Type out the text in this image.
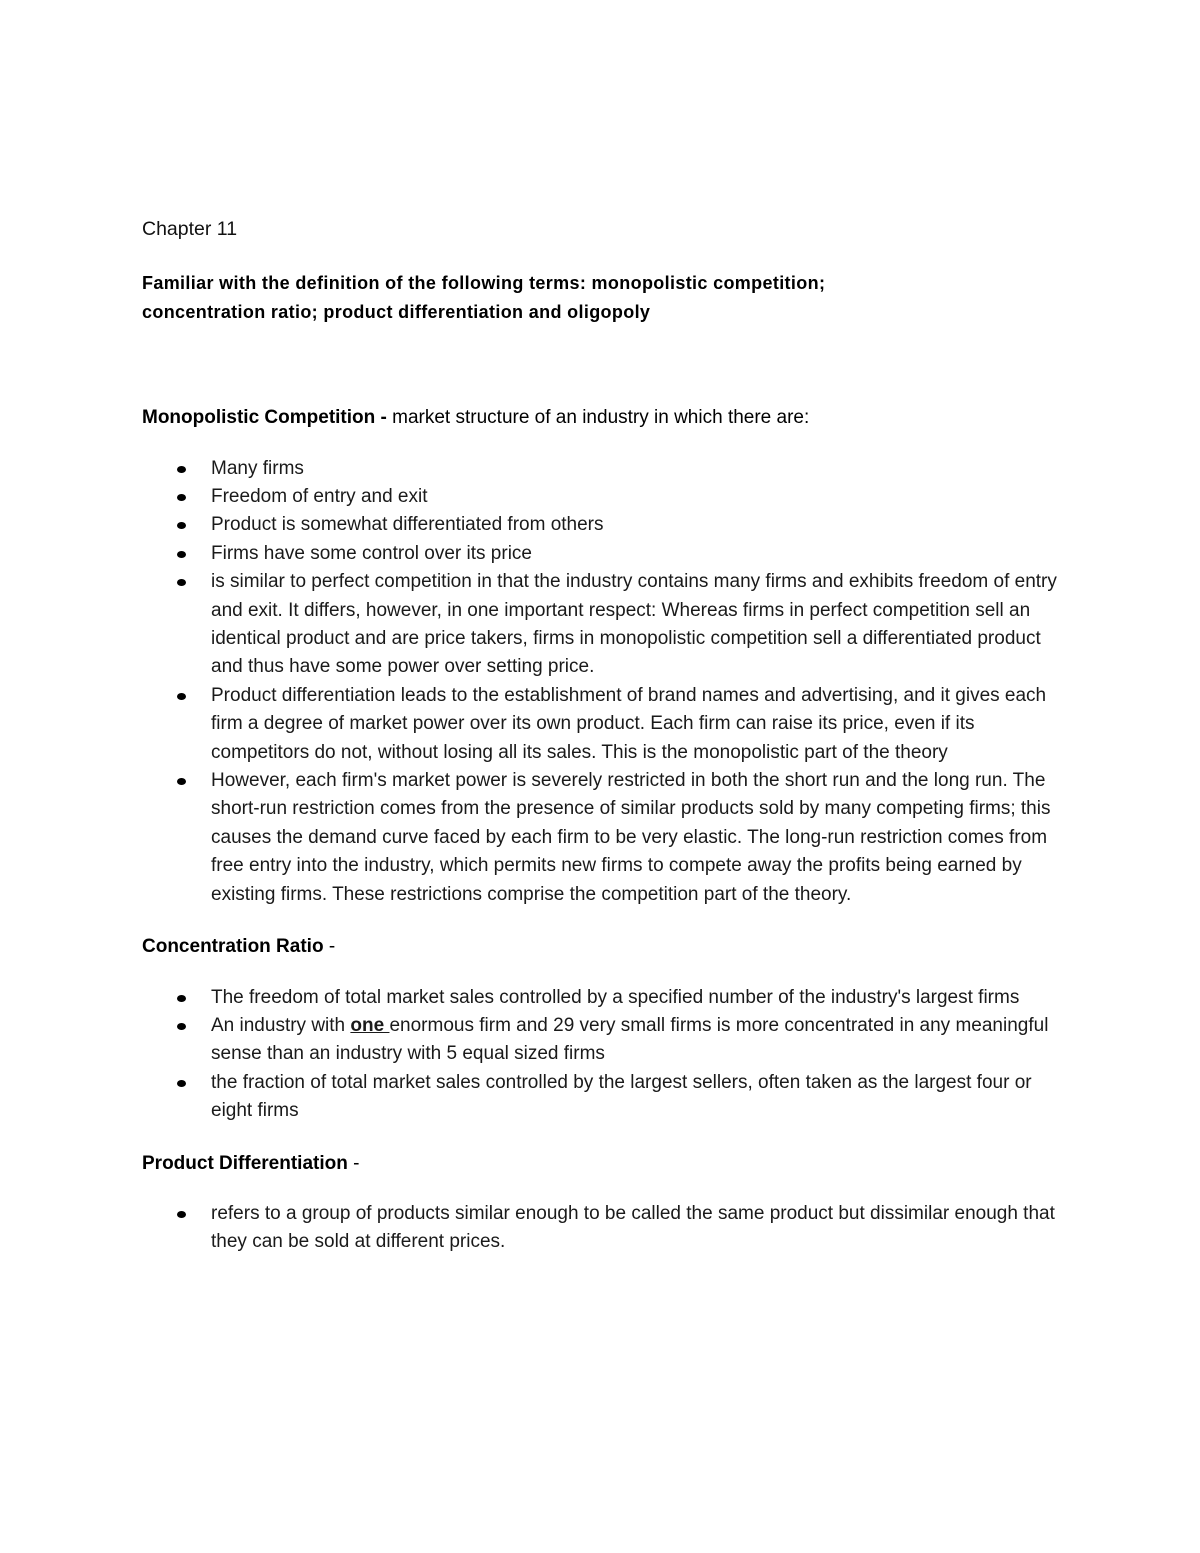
Chapter 11

Familiar with the definition of the following terms: monopolistic competition;
concentration ratio; product differentiation and oligopoly

Monopolistic Competition - market structure of an industry in which there are:

Many firms
Freedom of entry and exit
Product is somewhat differentiated from others
Firms have some control over its price
is similar to perfect competition in that the industry contains many firms and exhibits freedom of entry and exit. It differs, however, in one important respect: Whereas firms in perfect competition sell an identical product and are price takers, firms in monopolistic competition sell a differentiated product and thus have some power over setting price.
Product differentiation leads to the establishment of brand names and advertising, and it gives each firm a degree of market power over its own product. Each firm can raise its price, even if its competitors do not, without losing all its sales. This is the monopolistic part of the theory
However, each firm's market power is severely restricted in both the short run and the long run. The short-run restriction comes from the presence of similar products sold by many competing firms; this causes the demand curve faced by each firm to be very elastic. The long-run restriction comes from free entry into the industry, which permits new firms to compete away the profits being earned by existing firms. These restrictions comprise the competition part of the theory.

Concentration Ratio -

The freedom of total market sales controlled by a specified number of the industry's largest firms
An industry with one enormous firm and 29 very small firms is more concentrated in any meaningful sense than an industry with 5 equal sized firms
the fraction of total market sales controlled by the largest sellers, often taken as the largest four or eight firms

Product Differentiation -

refers to a group of products similar enough to be called the same product but dissimilar enough that they can be sold at different prices.
